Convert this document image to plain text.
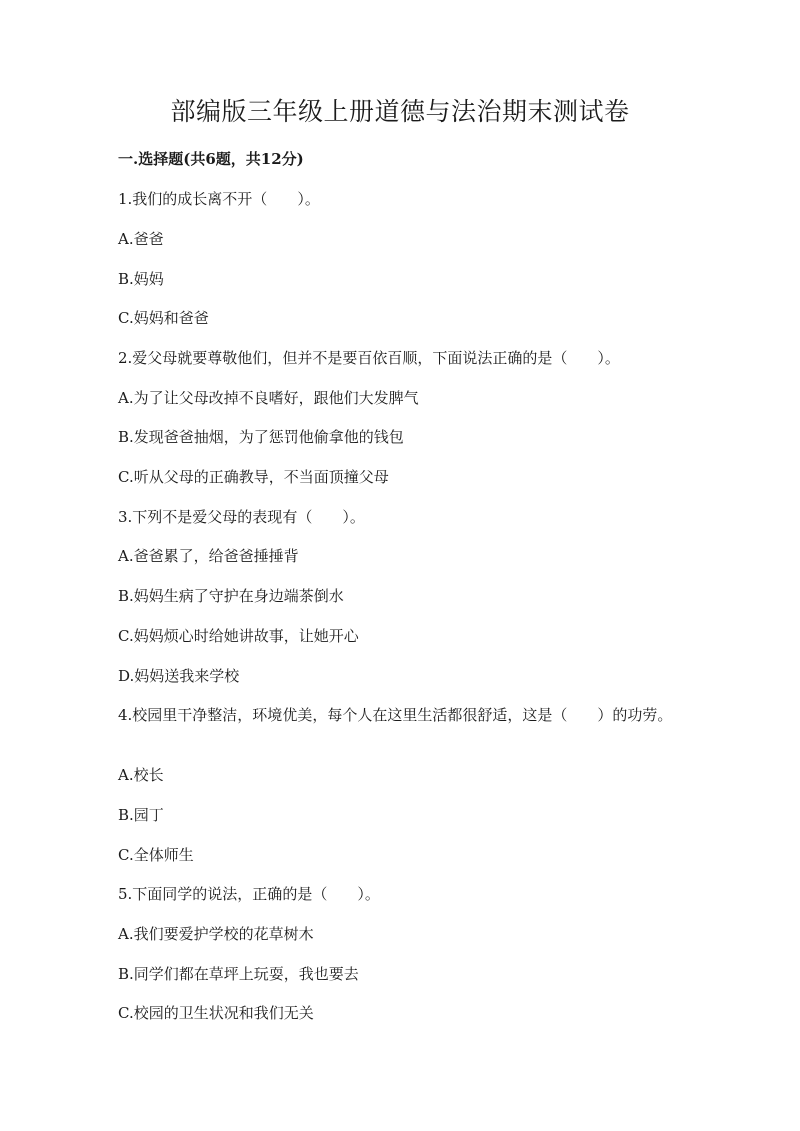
部编版三年级上册道德与法治期末测试卷
一.选择题(共6题，共12分)
1.我们的成长离不开（　　）。
A.爸爸
B.妈妈
C.妈妈和爸爸
2.爱父母就要尊敬他们，但并不是要百依百顺，下面说法正确的是（　　）。
A.为了让父母改掉不良嗜好，跟他们大发脾气
B.发现爸爸抽烟，为了惩罚他偷拿他的钱包
C.听从父母的正确教导，不当面顶撞父母
3.下列不是爱父母的表现有（　　）。
A.爸爸累了，给爸爸捶捶背
B.妈妈生病了守护在身边端茶倒水
C.妈妈烦心时给她讲故事，让她开心
D.妈妈送我来学校
4.校园里干净整洁，环境优美，每个人在这里生活都很舒适，这是（　　）的功劳。
A.校长
B.园丁
C.全体师生
5.下面同学的说法，正确的是（　　）。
A.我们要爱护学校的花草树木
B.同学们都在草坪上玩耍，我也要去
C.校园的卫生状况和我们无关
